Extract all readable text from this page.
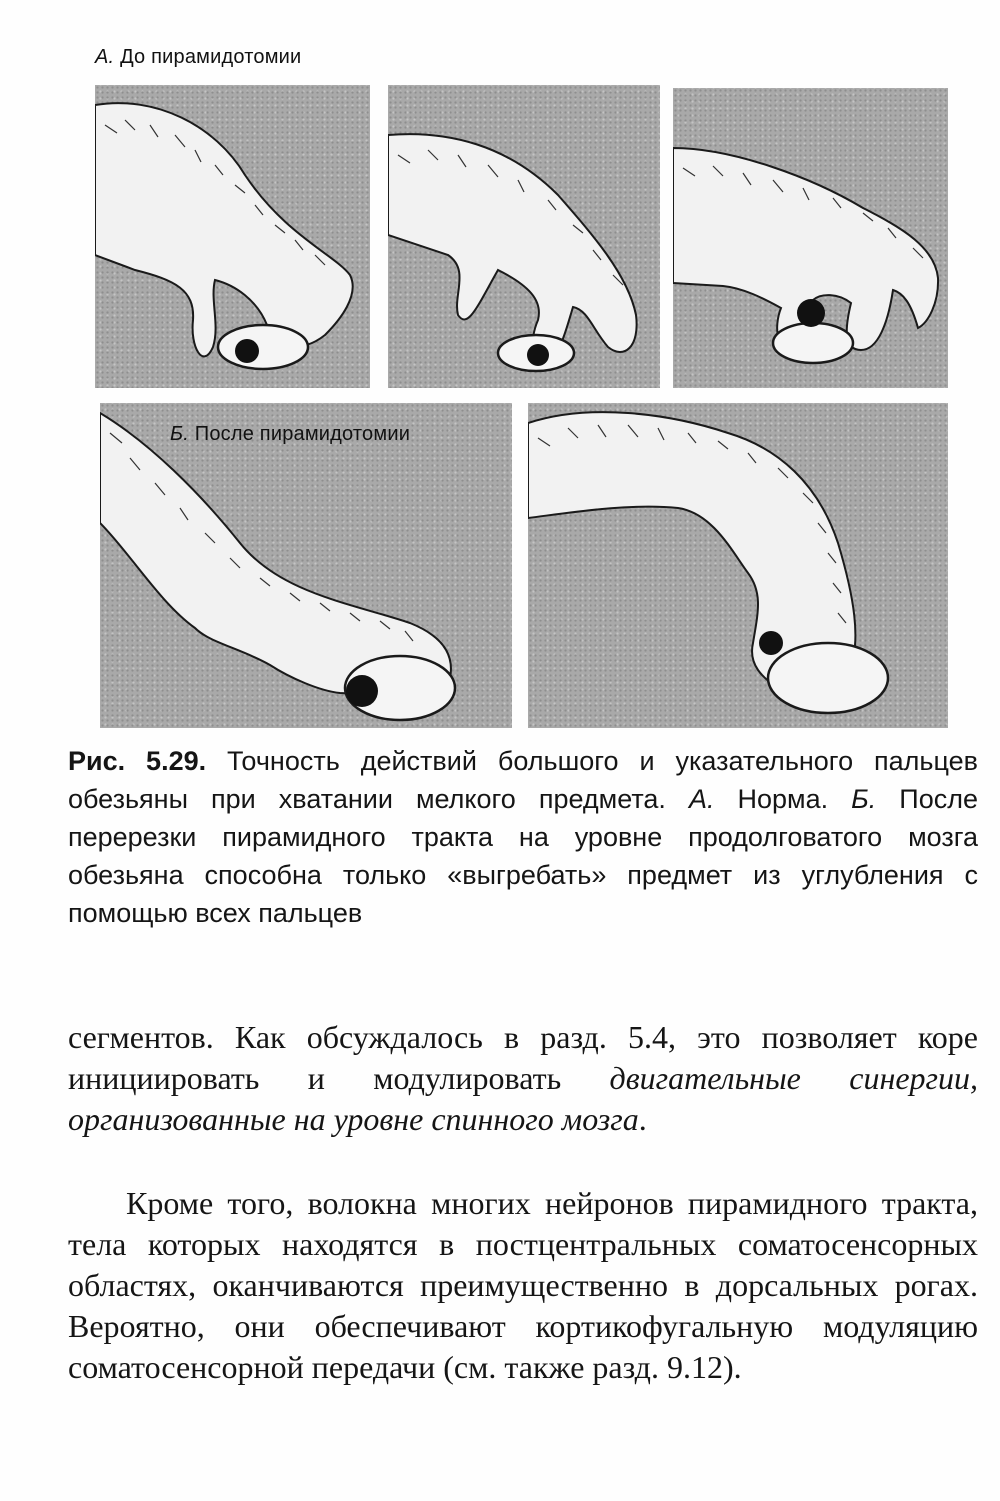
А. До пирамидотомии
Б. После пирамидотомии
Рис. 5.29. Точность действий большого и указательного пальцев обезьяны при хватании мелкого предмета. А. Норма. Б. После перерезки пирамидного тракта на уровне продолговатого мозга обезьяна способна только «выгребать» предмет из углубления с помощью всех пальцев
сегментов. Как обсуждалось в разд. 5.4, это позволяет коре инициировать и модулировать двигательные синергии, организованные на уровне спинного мозга.
Кроме того, волокна многих нейронов пирамидного тракта, тела которых находятся в постцентральных соматосенсорных областях, оканчиваются преимущественно в дорсальных рогах. Вероятно, они обеспечивают кортикофугальную модуляцию соматосенсорной передачи (см. также разд. 9.12).
